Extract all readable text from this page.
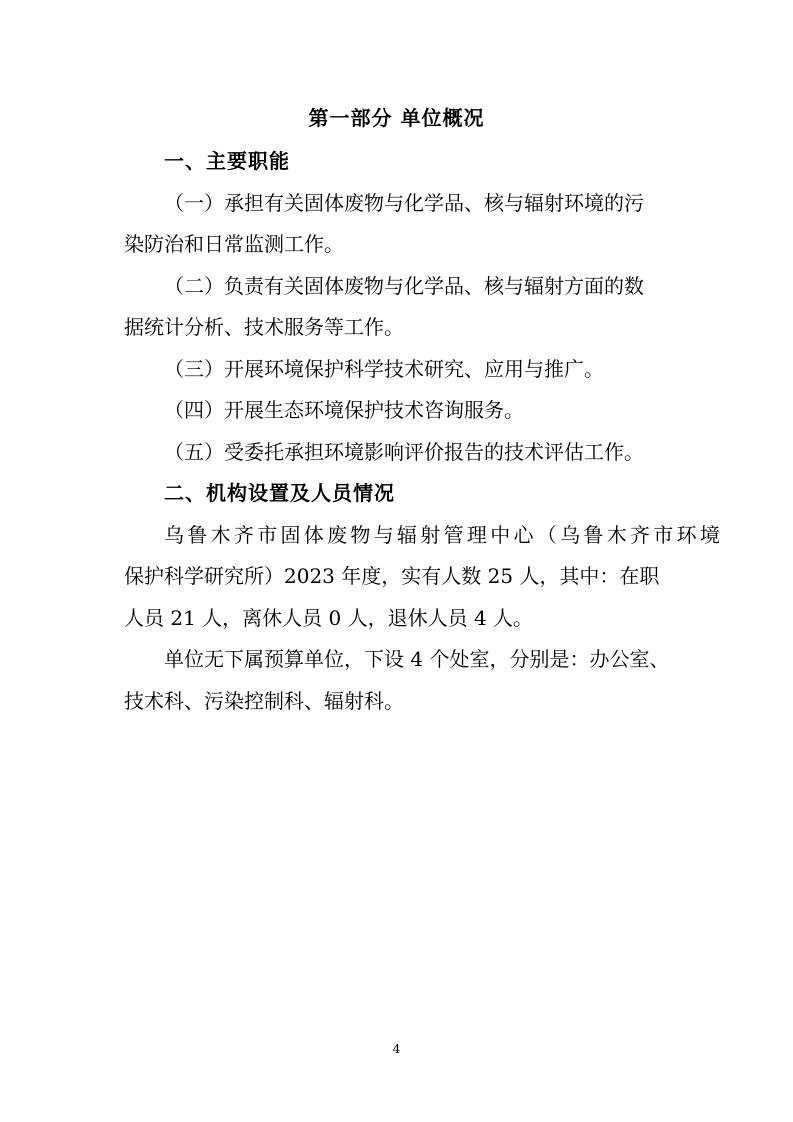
第一部分 单位概况
一、主要职能
（一）承担有关固体废物与化学品、核与辐射环境的污
染防治和日常监测工作。
（二）负责有关固体废物与化学品、核与辐射方面的数
据统计分析、技术服务等工作。
（三）开展环境保护科学技术研究、应用与推广。
（四）开展生态环境保护技术咨询服务。
（五）受委托承担环境影响评价报告的技术评估工作。
二、机构设置及人员情况
乌鲁木齐市固体废物与辐射管理中心（乌鲁木齐市环境
保护科学研究所）2023 年度，实有人数 25 人，其中：在职
人员 21 人，离休人员 0 人，退休人员 4 人。
单位无下属预算单位，下设 4 个处室，分别是：办公室、
技术科、污染控制科、辐射科。
4
